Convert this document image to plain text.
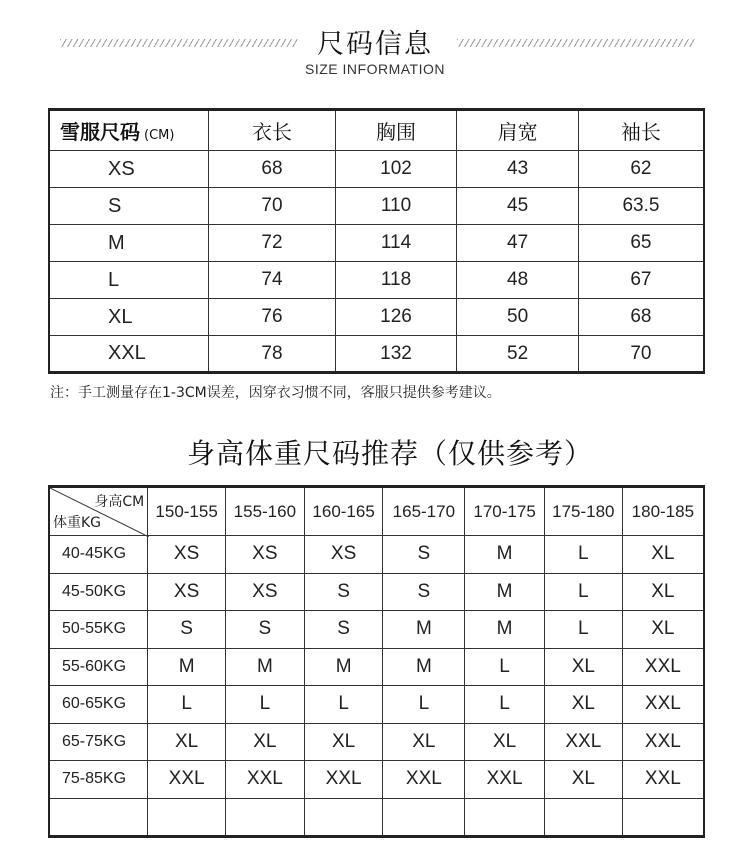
尺码信息
SIZE INFORMATION
雪服尺码 (CM)	衣长	胸围	肩宽	袖长
XS	68	102	43	62
S	70	110	45	63.5
M	72	114	47	65
L	74	118	48	67
XL	76	126	50	68
XXL	78	132	52	70
注：手工测量存在1-3CM误差，因穿衣习惯不同，客服只提供参考建议。
身高体重尺码推荐（仅供参考）
身高CM
体重KG	150-155	155-160	160-165	165-170	170-175	175-180	180-185
40-45KG	XS	XS	XS	S	M	L	XL
45-50KG	XS	XS	S	S	M	L	XL
50-55KG	S	S	S	M	M	L	XL
55-60KG	M	M	M	M	L	XL	XXL
60-65KG	L	L	L	L	L	XL	XXL
65-75KG	XL	XL	XL	XL	XL	XXL	XXL
75-85KG	XXL	XXL	XXL	XXL	XXL	XL	XXL
